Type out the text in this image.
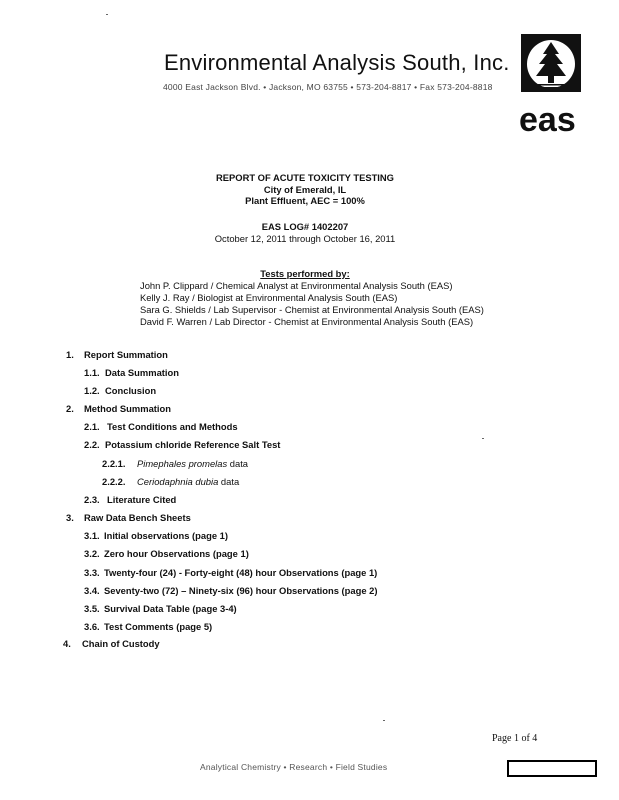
Environmental Analysis South, Inc.
4000 East Jackson Blvd. • Jackson, MO 63755 • 573-204-8817 • Fax 573-204-8818
eas
REPORT OF ACUTE TOXICITY TESTING
City of Emerald, IL
Plant Effluent, AEC = 100%
EAS LOG# 1402207
October 12, 2011 through October 16, 2011
Tests performed by:
John P. Clippard / Chemical Analyst at Environmental Analysis South (EAS)
Kelly J. Ray / Biologist at Environmental Analysis South (EAS)
Sara G. Shields / Lab Supervisor - Chemist at Environmental Analysis South (EAS)
David F. Warren / Lab Director - Chemist at Environmental Analysis South (EAS)
1. Report Summation
1.1. Data Summation
1.2. Conclusion
2. Method Summation
2.1. Test Conditions and Methods
2.2. Potassium chloride Reference Salt Test
2.2.1. Pimephales promelas data
2.2.2. Ceriodaphnia dubia data
2.3. Literature Cited
3. Raw Data Bench Sheets
3.1. Initial observations (page 1)
3.2. Zero hour Observations (page 1)
3.3. Twenty-four (24) - Forty-eight (48) hour Observations (page 1)
3.4. Seventy-two (72) – Ninety-six (96) hour Observations (page 2)
3.5. Survival Data Table (page 3-4)
3.6. Test Comments (page 5)
4. Chain of Custody
Page 1 of 4
Analytical Chemistry • Research • Field Studies
